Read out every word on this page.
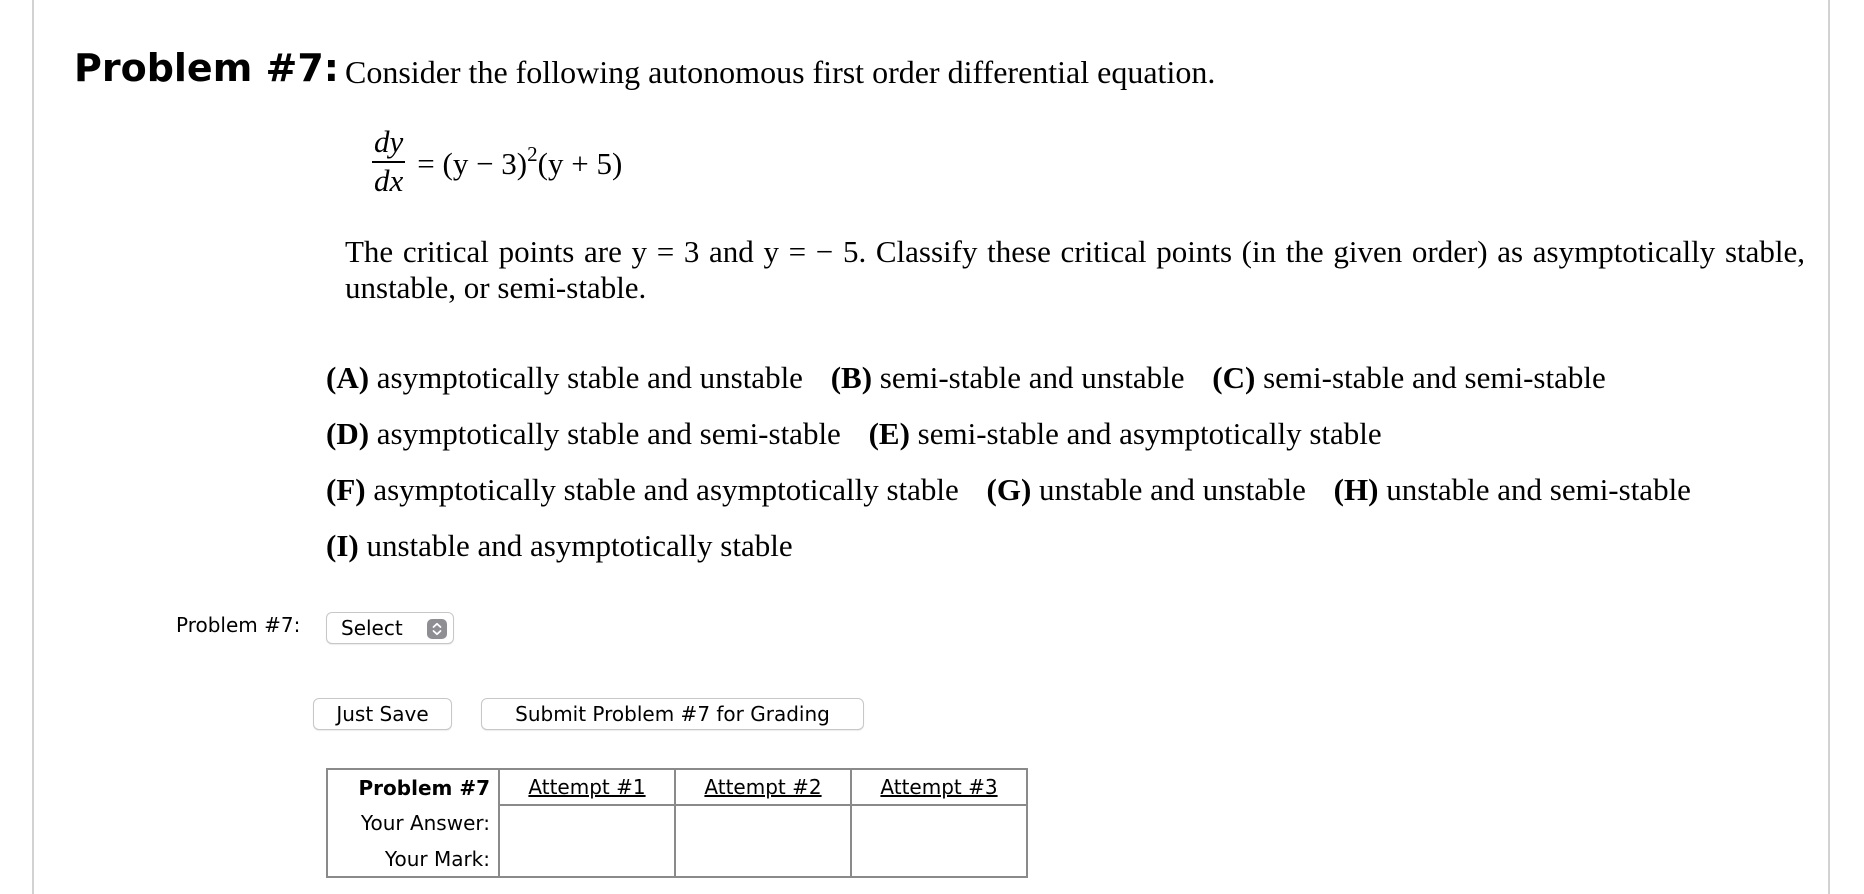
Problem #7: Consider the following autonomous first order differential equation.
$\frac{dy}{dx} = (y - 3)^2(y + 5)$
The critical points are y = 3 and y = − 5. Classify these critical points (in the given order) as asymptotically stable, unstable, or semi-stable.
(A) asymptotically stable and unstable (B) semi-stable and unstable (C) semi-stable and semi-stable
(D) asymptotically stable and semi-stable (E) semi-stable and asymptotically stable
(F) asymptotically stable and asymptotically stable (G) unstable and unstable (H) unstable and semi-stable
(I) unstable and asymptotically stable
Problem #7: Select
Just Save	Submit Problem #7 for Grading
Problem #7	Attempt #1	Attempt #2	Attempt #3
Your Answer:			
Your Mark:			
